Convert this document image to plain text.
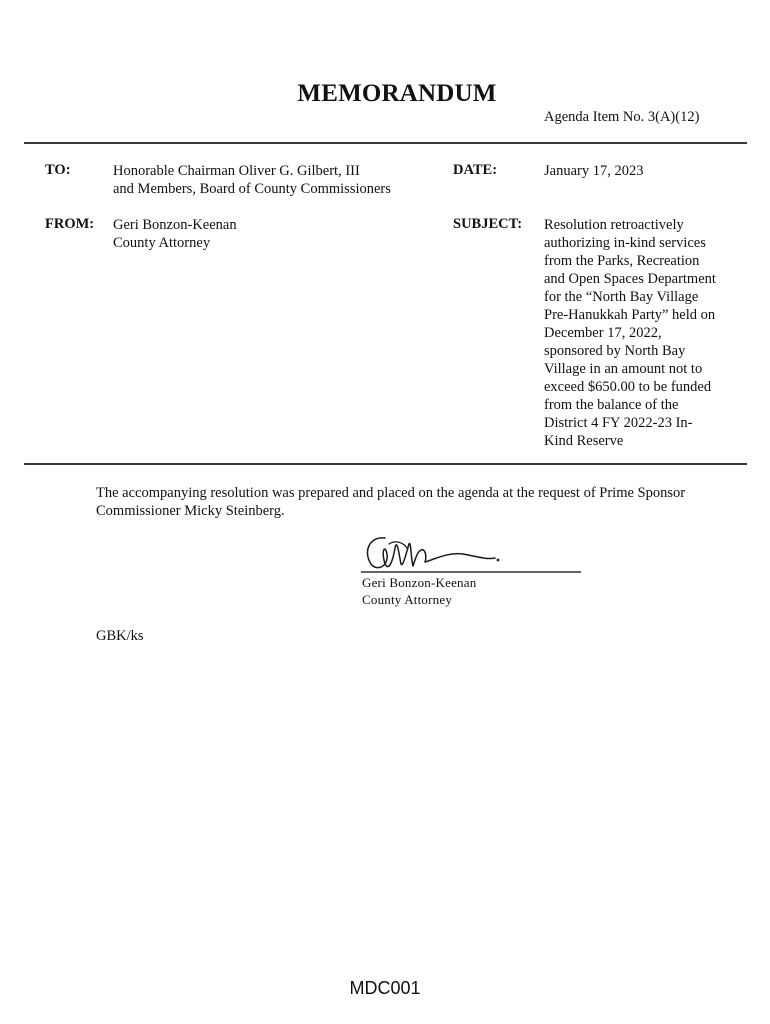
MEMORANDUM
Agenda Item No. 3(A)(12)
TO:	Honorable Chairman Oliver G. Gilbert, III
and Members, Board of County Commissioners
DATE:	January 17, 2023
FROM: Geri Bonzon-Keenan
County Attorney
SUBJECT: Resolution retroactively
authorizing in-kind services
from the Parks, Recreation
and Open Spaces Department
for the “North Bay Village
Pre-Hanukkah Party” held on
December 17, 2022,
sponsored by North Bay
Village in an amount not to
exceed $650.00 to be funded
from the balance of the
District 4 FY 2022-23 In-
Kind Reserve
The accompanying resolution was prepared and placed on the agenda at the request of Prime Sponsor
Commissioner Micky Steinberg.
Geri Bonzon-Keenan
County Attorney
GBK/ks
MDC001
